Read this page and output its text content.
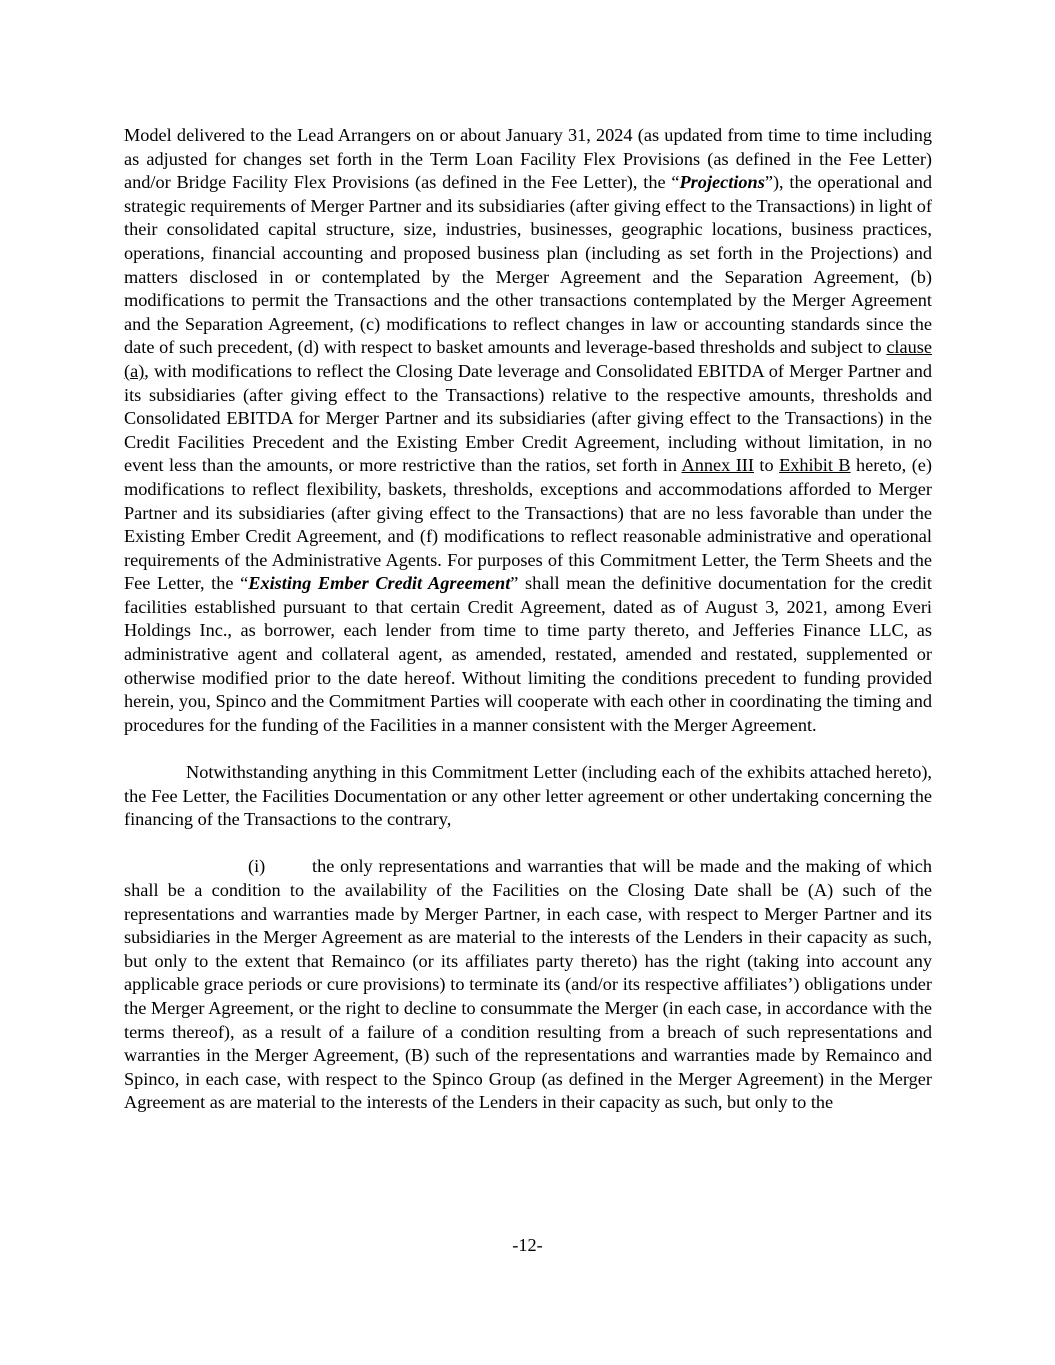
Model delivered to the Lead Arrangers on or about January 31, 2024 (as updated from time to time including as adjusted for changes set forth in the Term Loan Facility Flex Provisions (as defined in the Fee Letter) and/or Bridge Facility Flex Provisions (as defined in the Fee Letter), the “Projections”), the operational and strategic requirements of Merger Partner and its subsidiaries (after giving effect to the Transactions) in light of their consolidated capital structure, size, industries, businesses, geographic locations, business practices, operations, financial accounting and proposed business plan (including as set forth in the Projections) and matters disclosed in or contemplated by the Merger Agreement and the Separation Agreement, (b) modifications to permit the Transactions and the other transactions contemplated by the Merger Agreement and the Separation Agreement, (c) modifications to reflect changes in law or accounting standards since the date of such precedent, (d) with respect to basket amounts and leverage-based thresholds and subject to clause (a), with modifications to reflect the Closing Date leverage and Consolidated EBITDA of Merger Partner and its subsidiaries (after giving effect to the Transactions) relative to the respective amounts, thresholds and Consolidated EBITDA for Merger Partner and its subsidiaries (after giving effect to the Transactions) in the Credit Facilities Precedent and the Existing Ember Credit Agreement, including without limitation, in no event less than the amounts, or more restrictive than the ratios, set forth in Annex III to Exhibit B hereto, (e) modifications to reflect flexibility, baskets, thresholds, exceptions and accommodations afforded to Merger Partner and its subsidiaries (after giving effect to the Transactions) that are no less favorable than under the Existing Ember Credit Agreement, and (f) modifications to reflect reasonable administrative and operational requirements of the Administrative Agents. For purposes of this Commitment Letter, the Term Sheets and the Fee Letter, the “Existing Ember Credit Agreement” shall mean the definitive documentation for the credit facilities established pursuant to that certain Credit Agreement, dated as of August 3, 2021, among Everi Holdings Inc., as borrower, each lender from time to time party thereto, and Jefferies Finance LLC, as administrative agent and collateral agent, as amended, restated, amended and restated, supplemented or otherwise modified prior to the date hereof. Without limiting the conditions precedent to funding provided herein, you, Spinco and the Commitment Parties will cooperate with each other in coordinating the timing and procedures for the funding of the Facilities in a manner consistent with the Merger Agreement.

Notwithstanding anything in this Commitment Letter (including each of the exhibits attached hereto), the Fee Letter, the Facilities Documentation or any other letter agreement or other undertaking concerning the financing of the Transactions to the contrary,

(i)	the only representations and warranties that will be made and the making of which shall be a condition to the availability of the Facilities on the Closing Date shall be (A) such of the representations and warranties made by Merger Partner, in each case, with respect to Merger Partner and its subsidiaries in the Merger Agreement as are material to the interests of the Lenders in their capacity as such, but only to the extent that Remainco (or its affiliates party thereto) has the right (taking into account any applicable grace periods or cure provisions) to terminate its (and/or its respective affiliates’) obligations under the Merger Agreement, or the right to decline to consummate the Merger (in each case, in accordance with the terms thereof), as a result of a failure of a condition resulting from a breach of such representations and warranties in the Merger Agreement, (B) such of the representations and warranties made by Remainco and Spinco, in each case, with respect to the Spinco Group (as defined in the Merger Agreement) in the Merger Agreement as are material to the interests of the Lenders in their capacity as such, but only to the

-12-
